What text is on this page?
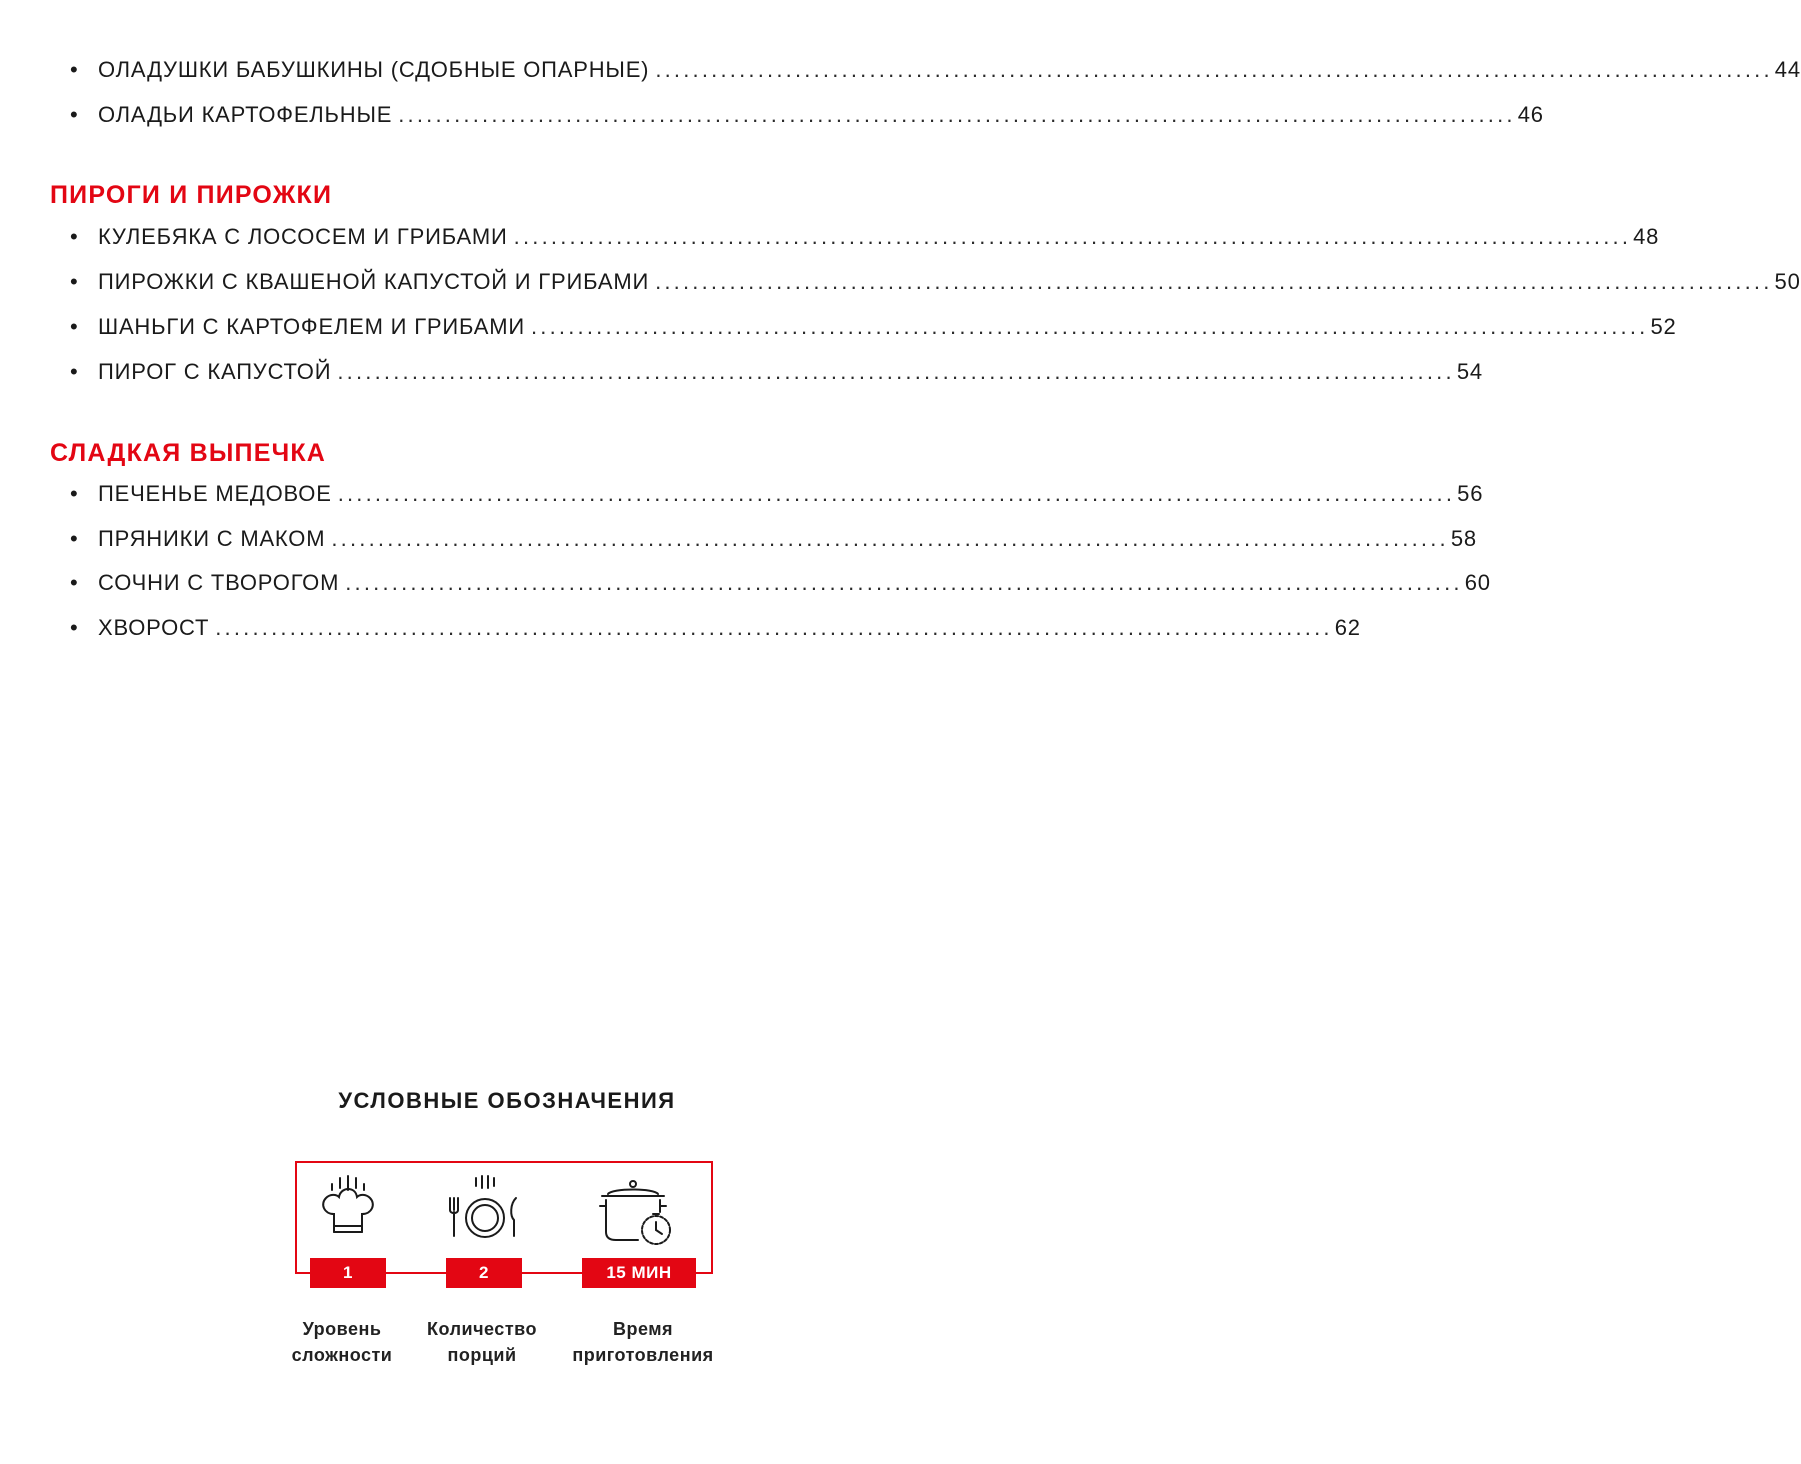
• ОЛАДУШКИ БАБУШКИНЫ (СДОБНЫЕ ОПАРНЫЕ) ........................................................................................................................ 44
• ОЛАДЬИ КАРТОФЕЛЬНЫЕ ........................................................................................................................ 46
ПИРОГИ И ПИРОЖКИ
• КУЛЕБЯКА С ЛОСОСЕМ И ГРИБАМИ ........................................................................................................................ 48
• ПИРОЖКИ С КВАШЕНОЙ КАПУСТОЙ И ГРИБАМИ ........................................................................................................................ 50
• ШАНЬГИ С КАРТОФЕЛЕМ И ГРИБАМИ ........................................................................................................................ 52
• ПИРОГ С КАПУСТОЙ ........................................................................................................................ 54
СЛАДКАЯ ВЫПЕЧКА
• ПЕЧЕНЬЕ МЕДОВОЕ ........................................................................................................................ 56
• ПРЯНИКИ С МАКОМ ........................................................................................................................ 58
• СОЧНИ С ТВОРОГОМ ........................................................................................................................ 60
• ХВОРОСТ ........................................................................................................................ 62
УСЛОВНЫЕ ОБОЗНАЧЕНИЯ
1	2	15 МИН
Уровень
сложности
Количество
порций
Время
приготовления
